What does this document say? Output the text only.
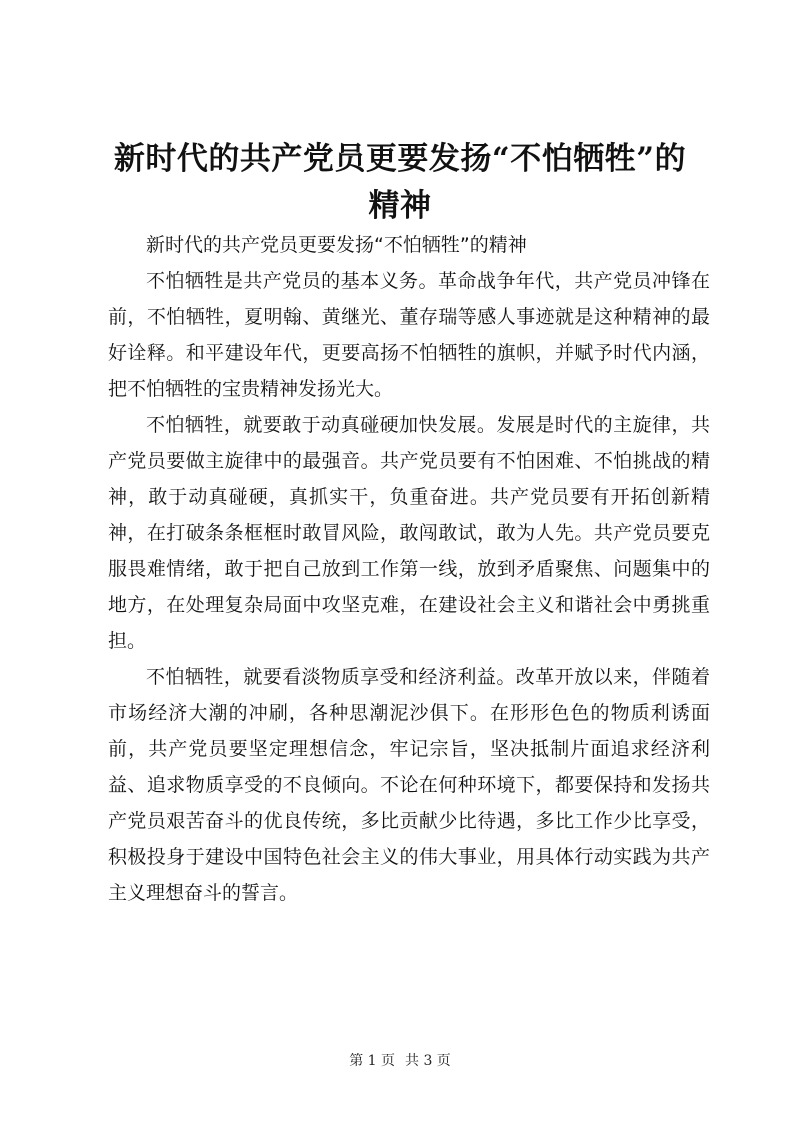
新时代的共产党员更要发扬“不怕牺牲”的精神

新时代的共产党员更要发扬“不怕牺牲”的精神

不怕牺牲是共产党员的基本义务。革命战争年代，共产党员冲锋在前，不怕牺牲，夏明翰、黄继光、董存瑞等感人事迹就是这种精神的最好诠释。和平建设年代，更要高扬不怕牺牲的旗帜，并赋予时代内涵，把不怕牺牲的宝贵精神发扬光大。

不怕牺牲，就要敢于动真碰硬加快发展。发展是时代的主旋律，共产党员要做主旋律中的最强音。共产党员要有不怕困难、不怕挑战的精神，敢于动真碰硬，真抓实干，负重奋进。共产党员要有开拓创新精神，在打破条条框框时敢冒风险，敢闯敢试，敢为人先。共产党员要克服畏难情绪，敢于把自己放到工作第一线，放到矛盾聚焦、问题集中的地方，在处理复杂局面中攻坚克难，在建设社会主义和谐社会中勇挑重担。

不怕牺牲，就要看淡物质享受和经济利益。改革开放以来，伴随着市场经济大潮的冲刷，各种思潮泥沙俱下。在形形色色的物质利诱面前，共产党员要坚定理想信念，牢记宗旨，坚决抵制片面追求经济利益、追求物质享受的不良倾向。不论在何种环境下，都要保持和发扬共产党员艰苦奋斗的优良传统，多比贡献少比待遇，多比工作少比享受，积极投身于建设中国特色社会主义的伟大事业，用具体行动实践为共产主义理想奋斗的誓言。

第 1 页 共 3 页
